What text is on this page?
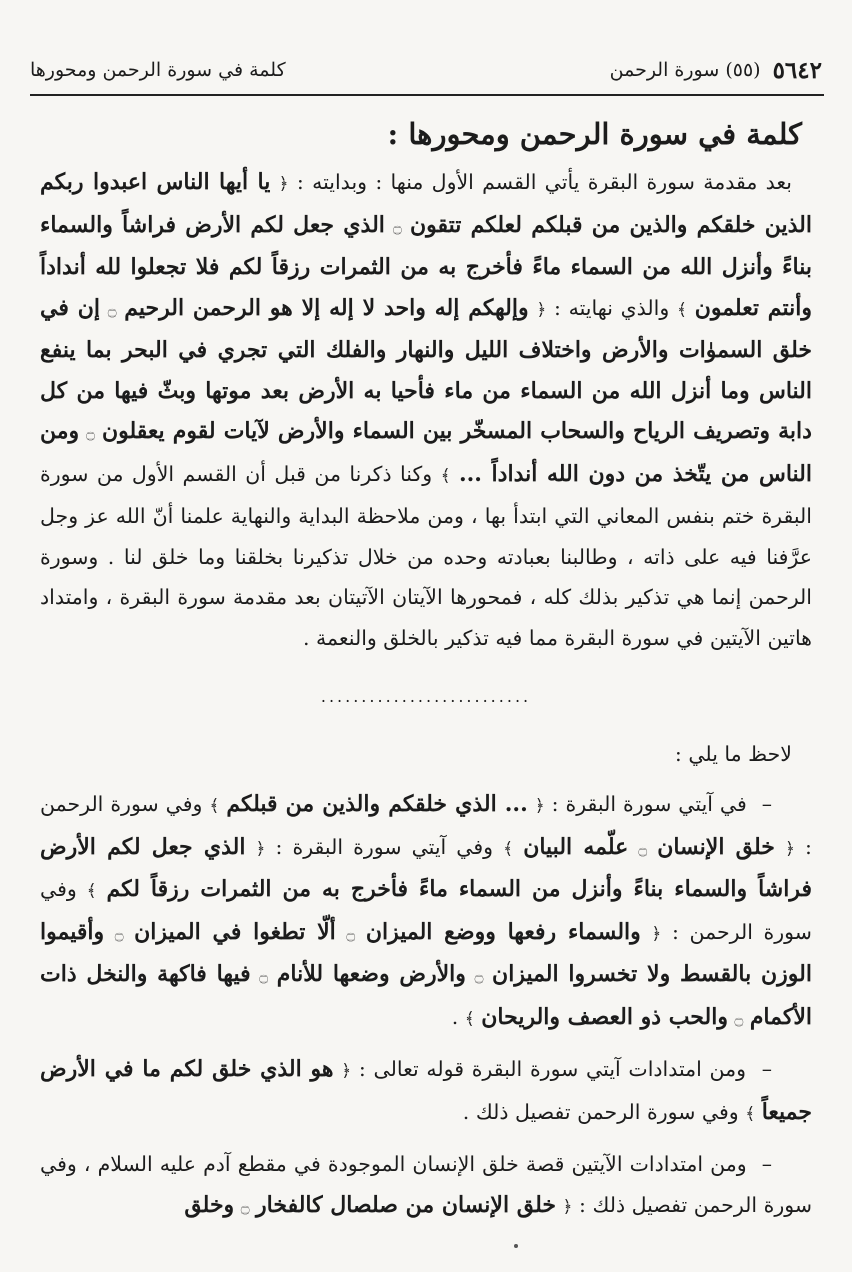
٥٦٤٢
(٥٥) سورة الرحمن
كلمة في سورة الرحمن ومحورها
كلمة في سورة الرحمن ومحورها :

بعد مقدمة سورة البقرة يأتي القسم الأول منها : وبدايته : ﴿ يا أيها الناس اعبدوا ربكم الذين خلقكم والذين من قبلكم لعلكم تتقون ۝ الذي جعل لكم الأرض فراشاً والسماء بناءً وأنزل الله من السماء ماءً فأخرج به من الثمرات رزقاً لكم فلا تجعلوا لله أنداداً وأنتم تعلمون ﴾ والذي نهايته : ﴿ وإلهكم إله واحد لا إله إلا هو الرحمن الرحيم ۝ إن في خلق السموٰات والأرض واختلاف الليل والنهار والفلك التي تجري في البحر بما ينفع الناس وما أنزل الله من السماء من ماء فأحيا به الأرض بعد موتها وبثّ فيها من كل دابة وتصريف الرياح والسحاب المسخّر بين السماء والأرض لآيات لقوم يعقلون ۝ ومن الناس من يتّخذ من دون الله أنداداً ... ﴾ وكنا ذكرنا من قبل أن القسم الأول من سورة البقرة ختم بنفس المعاني التي ابتدأ بها ، ومن ملاحظة البداية والنهاية علمنا أنّ الله عز وجل عرَّفنا فيه على ذاته ، وطالبنا بعبادته وحده من خلال تذكيرنا بخلقنا وما خلق لنا . وسورة الرحمن إنما هي تذكير بذلك كله ، فمحورها الآيتان الآتيتان بعد مقدمة سورة البقرة ، وامتداد هاتين الآيتين في سورة البقرة مما فيه تذكير بالخلق والنعمة .

..........................
لاحظ ما يلي :

– في آيتي سورة البقرة : ﴿ ... الذي خلقكم والذين من قبلكم ﴾ وفي سورة الرحمن : ﴿ خلق الإنسان ۝ علّمه البيان ﴾ وفي آيتي سورة البقرة : ﴿ الذي جعل لكم الأرض فراشاً والسماء بناءً وأنزل من السماء ماءً فأخرج به من الثمرات رزقاً لكم ﴾ وفي سورة الرحمن : ﴿ والسماء رفعها ووضع الميزان ۝ ألّا تطغوا في الميزان ۝ وأقيموا الوزن بالقسط ولا تخسروا الميزان ۝ والأرض وضعها للأنام ۝ فيها فاكهة والنخل ذات الأكمام ۝ والحب ذو العصف والريحان ﴾ .

– ومن امتدادات آيتي سورة البقرة قوله تعالى : ﴿ هو الذي خلق لكم ما في الأرض جميعاً ﴾ وفي سورة الرحمن تفصيل ذلك .

– ومن امتدادات الآيتين قصة خلق الإنسان الموجودة في مقطع آدم عليه السلام ، وفي سورة الرحمن تفصيل ذلك : ﴿ خلق الإنسان من صلصال كالفخار ۝ وخلق
